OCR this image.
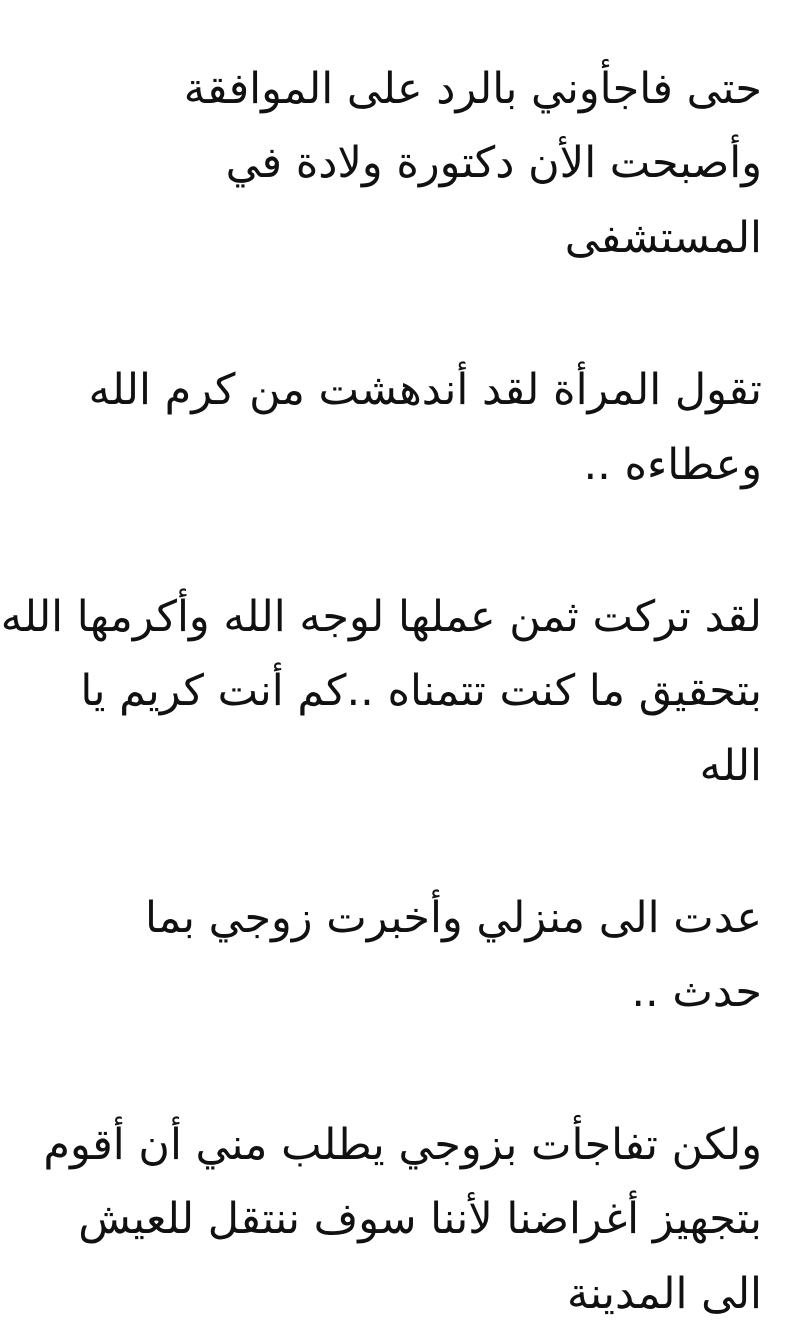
حتى فاجأوني بالرد على الموافقة
وأصبحت الأن دكتورة ولادة في
المستشفى

تقول المرأة لقد أندهشت من كرم الله
وعطاءه ..

لقد تركت ثمن عملها لوجه الله وأكرمها الله
بتحقيق ما كنت تتمناه ..كم أنت كريم يا
الله

عدت الى منزلي وأخبرت زوجي بما
حدث ..

ولكن تفاجأت بزوجي يطلب مني أن أقوم
بتجهيز أغراضنا لأننا سوف ننتقل للعيش
الى المدينة
